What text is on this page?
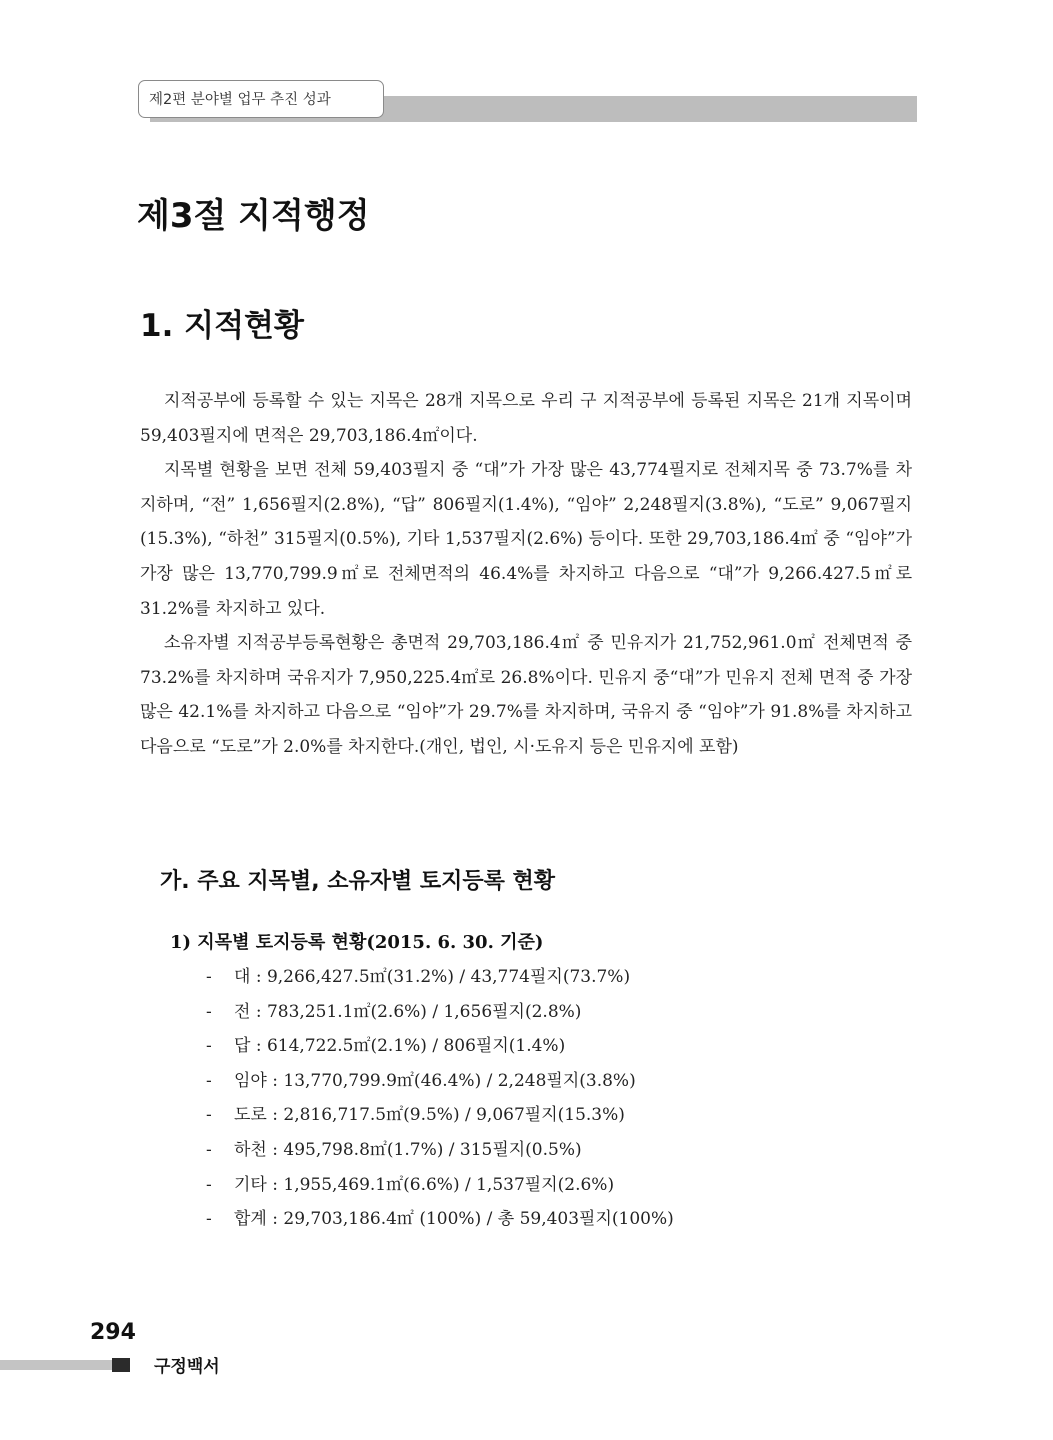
제2편 분야별 업무 추진 성과
제3절 지적행정
1. 지적현황

지적공부에 등록할 수 있는 지목은 28개 지목으로 우리 구 지적공부에 등록된 지목은 21개 지목이며 59,403필지에 면적은 29,703,186.4㎡이다.

지목별 현황을 보면 전체 59,403필지 중 “대”가 가장 많은 43,774필지로 전체지목 중 73.7%를 차지하며, “전” 1,656필지(2.8%), “답” 806필지(1.4%), “임야” 2,248필지(3.8%), “도로” 9,067필지(15.3%), “하천” 315필지(0.5%), 기타 1,537필지(2.6%) 등이다. 또한 29,703,186.4㎡ 중 “임야”가 가장 많은 13,770,799.9㎡로 전체면적의 46.4%를 차지하고 다음으로 “대”가 9,266.427.5㎡로 31.2%를 차지하고 있다.

소유자별 지적공부등록현황은 총면적 29,703,186.4㎡ 중 민유지가 21,752,961.0㎡ 전체면적 중 73.2%를 차지하며 국유지가 7,950,225.4㎡로 26.8%이다. 민유지 중“대”가 민유지 전체 면적 중 가장 많은 42.1%를 차지하고 다음으로 “임야”가 29.7%를 차지하며, 국유지 중 “임야”가 91.8%를 차지하고 다음으로 “도로”가 2.0%를 차지한다.(개인, 법인, 시·도유지 등은 민유지에 포함)

가. 주요 지목별, 소유자별 토지등록 현황
1) 지목별 토지등록 현황(2015. 6. 30. 기준)
- 대 : 9,266,427.5㎡(31.2%) / 43,774필지(73.7%)
- 전 : 783,251.1㎡(2.6%) / 1,656필지(2.8%)
- 답 : 614,722.5㎡(2.1%) / 806필지(1.4%)
- 임야 : 13,770,799.9㎡(46.4%) / 2,248필지(3.8%)
- 도로 : 2,816,717.5㎡(9.5%) / 9,067필지(15.3%)
- 하천 : 495,798.8㎡(1.7%) / 315필지(0.5%)
- 기타 : 1,955,469.1㎡(6.6%) / 1,537필지(2.6%)
- 합계 : 29,703,186.4㎡ (100%) / 총 59,403필지(100%)
294
구정백서
